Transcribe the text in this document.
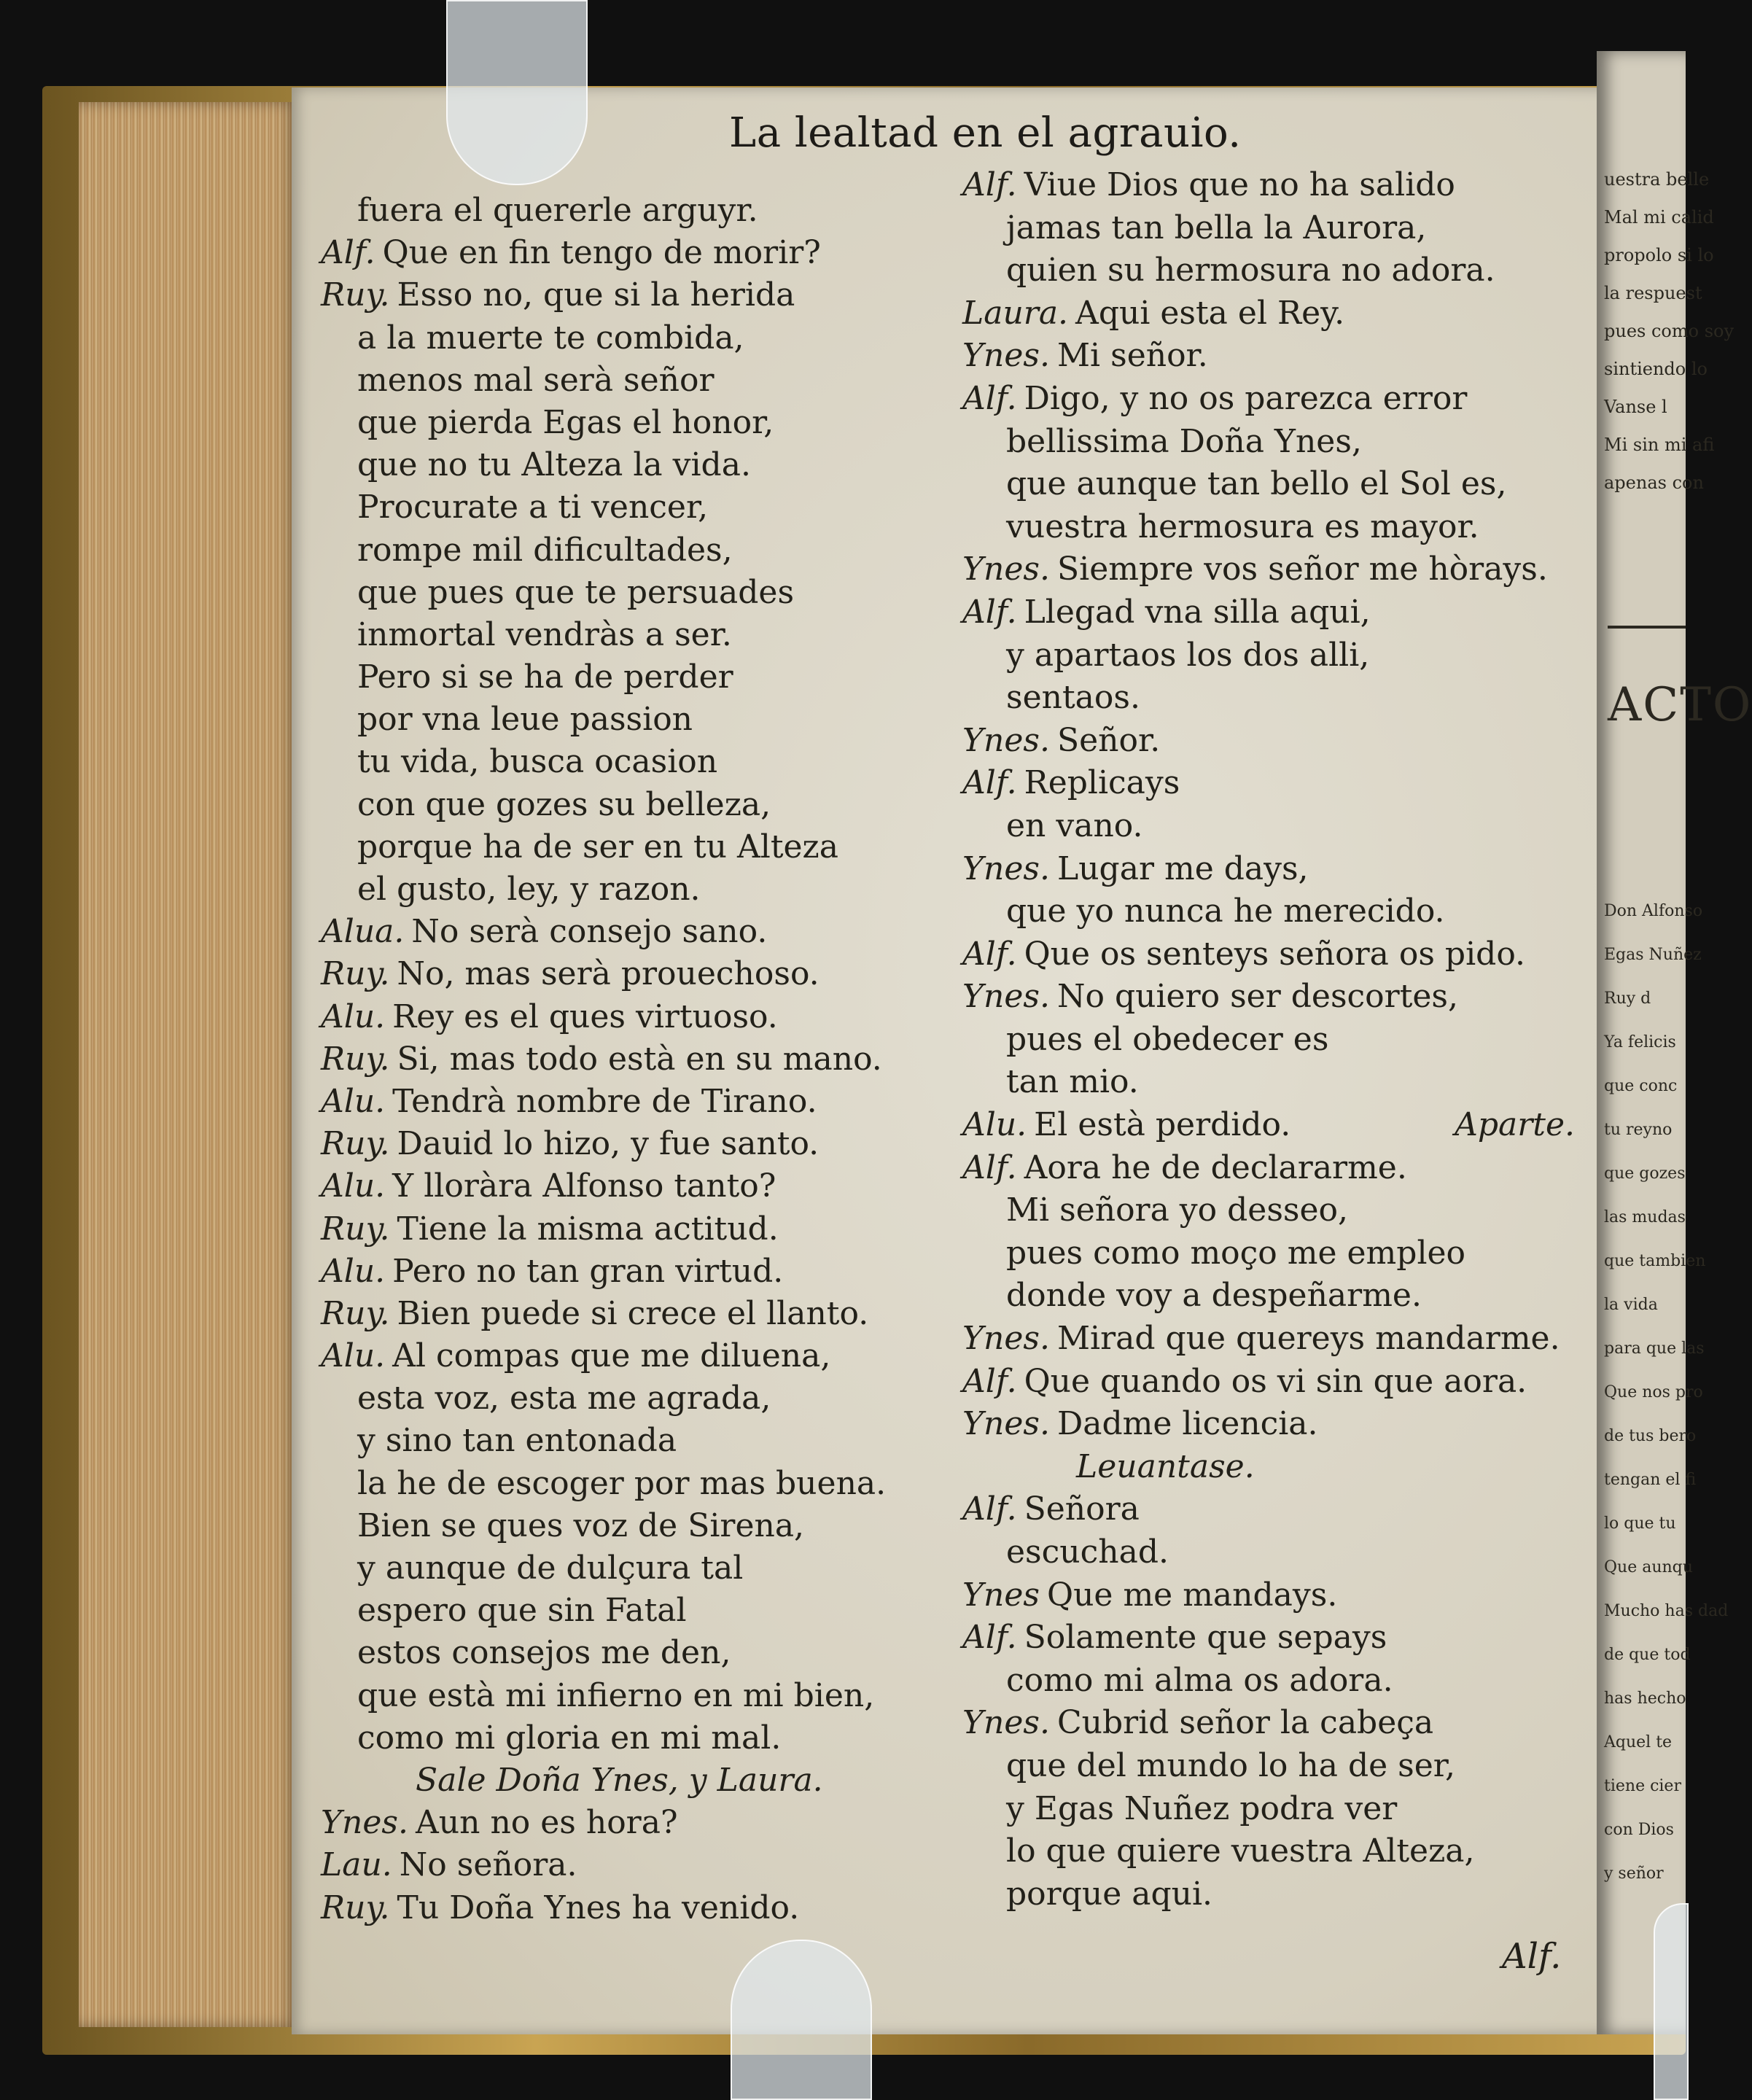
La lealtad en el agrauio.
fuera el quererle arguyr.
Alf. Que en fin tengo de morir?
Ruy. Esso no, que si la herida
a la muerte te combida,
menos mal serà señor
que pierda Egas el honor,
que no tu Alteza la vida.
Procurate a ti vencer,
rompe mil dificultades,
que pues que te persuades
inmortal vendràs a ser.
Pero si se ha de perder
por vna leue passion
tu vida, busca ocasion
con que gozes su belleza,
porque ha de ser en tu Alteza
el gusto, ley, y razon.
Alua. No serà consejo sano.
Ruy. No, mas serà prouechoso.
Alu. Rey es el ques virtuoso.
Ruy. Si, mas todo està en su mano.
Alu. Tendrà nombre de Tirano.
Ruy. Dauid lo hizo, y fue santo.
Alu. Y lloràra Alfonso tanto?
Ruy. Tiene la misma actitud.
Alu. Pero no tan gran virtud.
Ruy. Bien puede si crece el llanto.
Alu. Al compas que me diluena,
esta voz, esta me agrada,
y sino tan entonada
la he de escoger por mas buena.
Bien se ques voz de Sirena,
y aunque de dulçura tal
espero que sin Fatal
estos consejos me den,
que està mi infierno en mi bien,
como mi gloria en mi mal.
Sale Doña Ynes, y Laura.
Ynes. Aun no es hora?
Lau. No señora.
Ruy. Tu Doña Ynes ha venido.
Alf. Viue Dios que no ha salido
jamas tan bella la Aurora,
quien su hermosura no adora.
Laura. Aqui esta el Rey.
Ynes. Mi señor.
Alf. Digo, y no os parezca error
bellissima Doña Ynes,
que aunque tan bello el Sol es,
vuestra hermosura es mayor.
Ynes. Siempre vos señor me hòrays.
Alf. Llegad vna silla aqui,
y apartaos los dos alli,
sentaos.
Ynes. Señor.
Alf. Replicays
en vano.
Ynes. Lugar me days,
que yo nunca he merecido.
Alf. Que os senteys señora os pido.
Ynes. No quiero ser descortes,
pues el obedecer es
tan mio.
Alu. El està perdido.	Aparte.
Alf. Aora he de declararme.
Mi señora yo desseo,
pues como moço me empleo
donde voy a despeñarme.
Ynes. Mirad que quereys mandarme.
Alf. Que quando os vi sin que aora.
Ynes. Dadme licencia.
Leuantase.
Alf. Señora
escuchad.
Ynes Que me mandays.
Alf. Solamente que sepays
como mi alma os adora.
Ynes. Cubrid señor la cabeça
que del mundo lo ha de ser,
y Egas Nuñez podra ver
lo que quiere vuestra Alteza,
porque aqui.
Alf.
uestra belle
Mal mi calid
propolo si lo
la respuest
pues como soy
sintiendo lo
Vanse l
Mi sin mi afi
apenas con
ACTO
Don Alfonso
Egas Nuñez
Ruy d
Ya felicis
que conc
tu reyno
que gozes
las mudas
que tambien
la vida
para que las
Que nos pro
de tus bero
tengan el fi
lo que tu
Que aunqu
Mucho has dad
de que tod
has hecho
Aquel te
tiene cier
con Dios
y señor
